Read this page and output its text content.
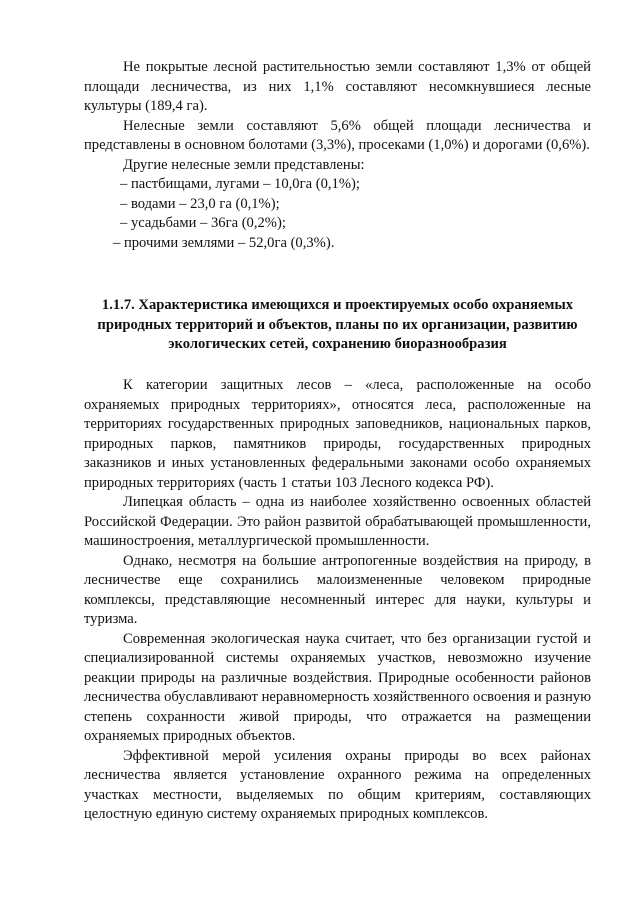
Не покрытые лесной растительностью земли составляют 1,3% от общей площади лесничества, из них 1,1% составляют несомкнувшиеся лесные культуры (189,4 га).

Нелесные земли составляют 5,6% общей площади лесничества и представлены в основном болотами (3,3%), просеками (1,0%) и дорогами (0,6%).

Другие нелесные земли представлены:

– пастбищами, лугами – 10,0га (0,1%);

– водами – 23,0 га (0,1%);

– усадьбами – 36га (0,2%);

– прочими землями – 52,0га (0,3%).

1.1.7. Характеристика имеющихся и проектируемых особо охраняемых природных территорий и объектов, планы по их организации, развитию экологических сетей, сохранению биоразнообразия

К категории защитных лесов – «леса, расположенные на особо охраняемых природных территориях», относятся леса, расположенные на территориях государственных природных заповедников, национальных парков, природных парков, памятников природы, государственных природных заказников и иных установленных федеральными законами особо охраняемых природных территориях (часть 1 статьи 103 Лесного кодекса РФ).

Липецкая область – одна из наиболее хозяйственно освоенных областей Российской Федерации. Это район развитой обрабатывающей промышленности, машиностроения, металлургической промышленности.

Однако, несмотря на большие антропогенные воздействия на природу, в лесничестве еще сохранились малоизмененные человеком природные комплексы, представляющие несомненный интерес для науки, культуры и туризма.

Современная экологическая наука считает, что без организации густой и специализированной системы охраняемых участков, невозможно изучение реакции природы на различные воздействия. Природные особенности районов лесничества обуславливают неравномерность хозяйственного освоения и разную степень сохранности живой природы, что отражается на размещении охраняемых природных объектов.

Эффективной мерой усиления охраны природы во всех районах лесничества является установление охранного режима на определенных участках местности, выделяемых по общим критериям, составляющих целостную единую систему охраняемых природных комплексов.
